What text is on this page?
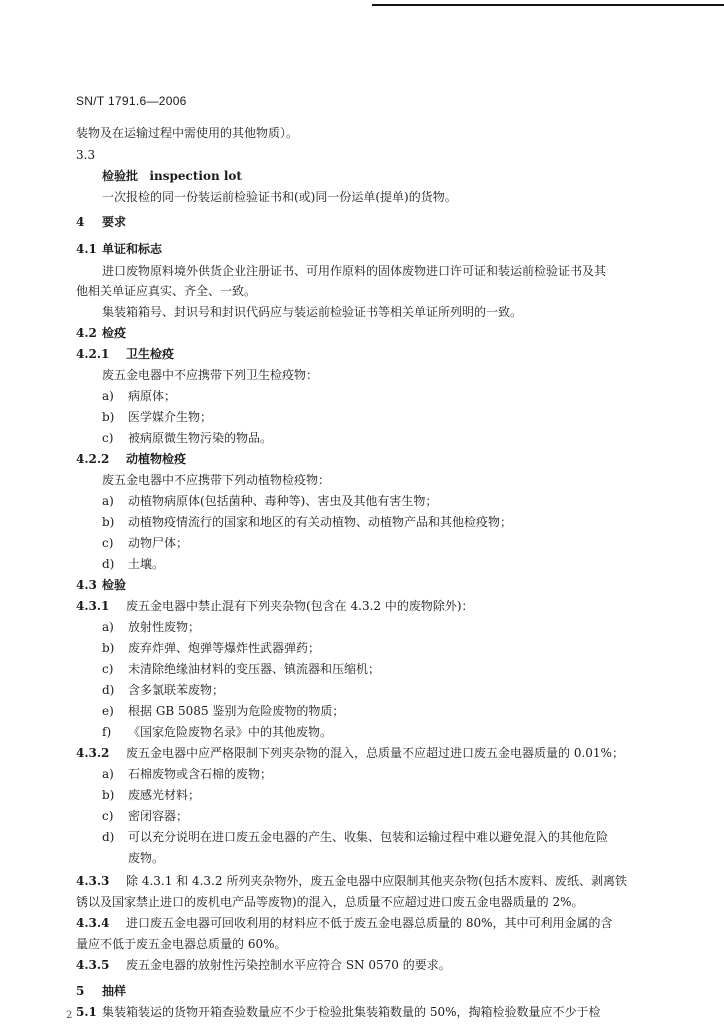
SN/T 1791.6—2006
装物及在运输过程中需使用的其他物质）。
3.3
检验批 inspection lot
一次报检的同一份装运前检验证书和(或)同一份运单(提单)的货物。
4 要求
4.1 单证和标志
进口废物原料境外供货企业注册证书、可用作原料的固体废物进口许可证和装运前检验证书及其
他相关单证应真实、齐全、一致。
集装箱箱号、封识号和封识代码应与装运前检验证书等相关单证所列明的一致。
4.2 检疫
4.2.1 卫生检疫
废五金电器中不应携带下列卫生检疫物：
a) 病原体；
b) 医学媒介生物；
c) 被病原微生物污染的物品。
4.2.2 动植物检疫
废五金电器中不应携带下列动植物检疫物：
a) 动植物病原体(包括菌种、毒种等)、害虫及其他有害生物；
b) 动植物疫情流行的国家和地区的有关动植物、动植物产品和其他检疫物；
c) 动物尸体；
d) 土壤。
4.3 检验
4.3.1 废五金电器中禁止混有下列夹杂物(包含在 4.3.2 中的废物除外)：
a) 放射性废物；
b) 废弃炸弹、炮弹等爆炸性武器弹药；
c) 未清除绝缘油材料的变压器、镇流器和压缩机；
d) 含多氯联苯废物；
e) 根据 GB 5085 鉴别为危险废物的物质；
f) 《国家危险废物名录》中的其他废物。
4.3.2 废五金电器中应严格限制下列夹杂物的混入，总质量不应超过进口废五金电器质量的 0.01%；
a) 石棉废物或含石棉的废物；
b) 废感光材料；
c) 密闭容器；
d) 可以充分说明在进口废五金电器的产生、收集、包装和运输过程中难以避免混入的其他危险
废物。
4.3.3 除 4.3.1 和 4.3.2 所列夹杂物外，废五金电器中应限制其他夹杂物(包括木废料、废纸、剥离铁
锈以及国家禁止进口的废机电产品等废物)的混入，总质量不应超过进口废五金电器质量的 2%。
4.3.4 进口废五金电器可回收利用的材料应不低于废五金电器总质量的 80%，其中可利用金属的含
量应不低于废五金电器总质量的 60%。
4.3.5 废五金电器的放射性污染控制水平应符合 SN 0570 的要求。
5 抽样
5.1 集装箱装运的货物开箱查验数量应不少于检验批集装箱数量的 50%，掏箱检验数量应不少于检
2
